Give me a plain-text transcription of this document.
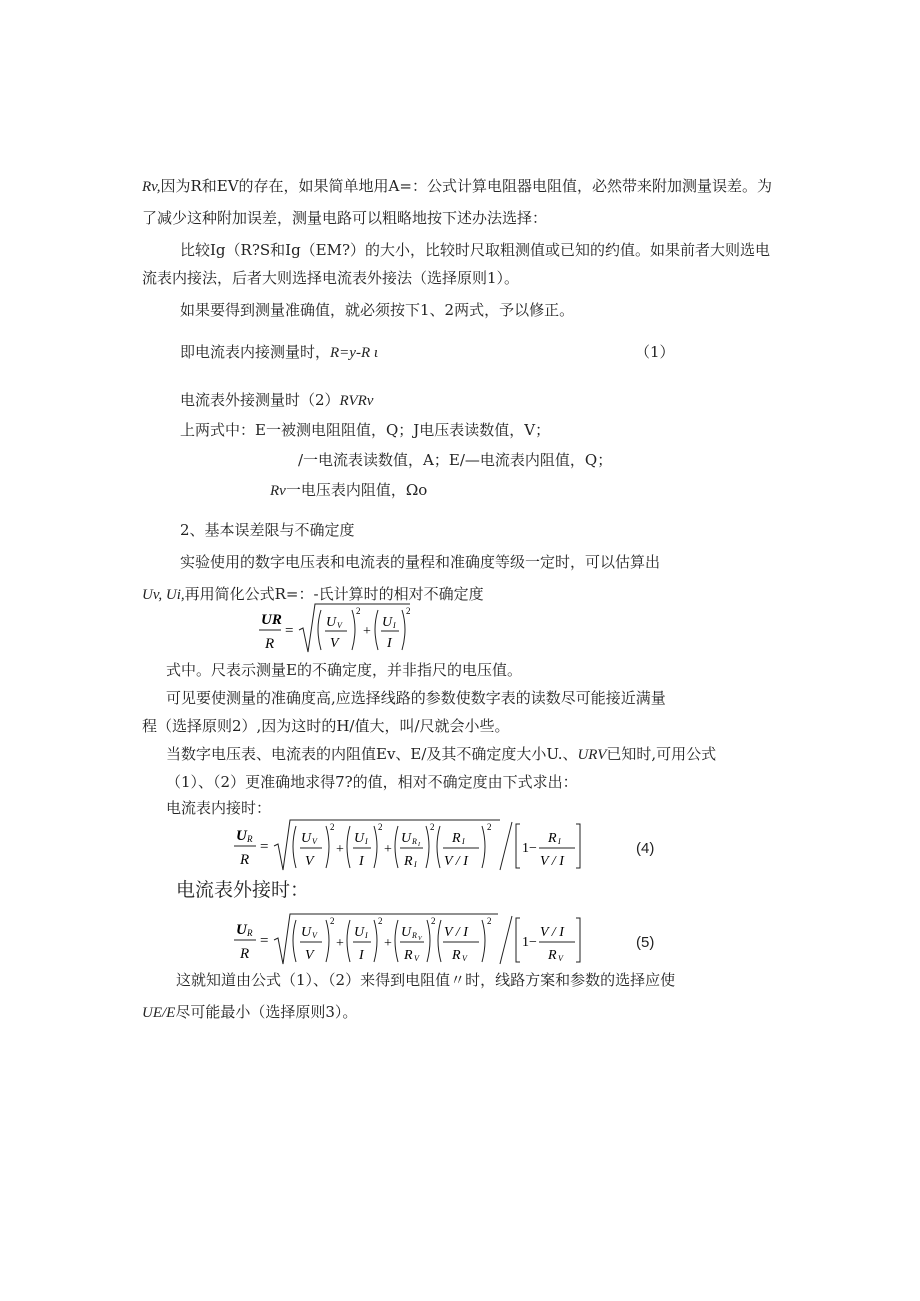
Rv,因为R和EV的存在，如果简单地用A=：公式计算电阻器电阻值，必然带来附加测量误差。为
了减少这种附加误差，测量电路可以粗略地按下述办法选择：
比较Ig（R?S和Ig（EM?）的大小，比较时尺取粗测值或已知的约值。如果前者大则选电
流表内接法，后者大则选择电流表外接法（选择原则1）。
如果要得到测量准确值，就必须按下1、2两式，予以修正。
即电流表内接测量时，R=y-R ι	（1）
电流表外接测量时（2）RVRv
上两式中：E一被测电阻阻值，Q；J电压表读数值，V；
/一电流表读数值，A；E/—电流表内阻值，Q；
Rv一电压表内阻值，Ωo
2、基本误差限与不确定度
实验使用的数字电压表和电流表的量程和准确度等级一定时，可以估算出
Uv, Ui,再用简化公式R=：-氏计算时的相对不确定度
UR
R
=
U V
V
2
+
U I
I
2
式中。尺表示测量E的不确定度，并非指尺的电压值。
可见要使测量的准确度高,应选择线路的参数使数字表的读数尽可能接近满量
程（选择原则2）,因为这时的H/值大，叫/尺就会小些。
当数字电压表、电流表的内阻值Ev、E/及其不确定度大小U.、URV已知时,可用公式
（1）、（2）更准确地求得7?的值，相对不确定度由下式求出：
电流表内接时：
U R
R
=
U V
V
2
+
U I
I
2
+
U R I
R I
2
R I
V / I
2
1−
R I
V / I
(4)
电流表外接时：
U R
R
=
U V
V
2
+
U I
I
2
+
U R V
R V
2
V / I
R V
2
1−
V / I
R V
(5)
这就知道由公式（1）、（2）来得到电阻值〃时，线路方案和参数的选择应使
UE/E尽可能最小（选择原则3）。
